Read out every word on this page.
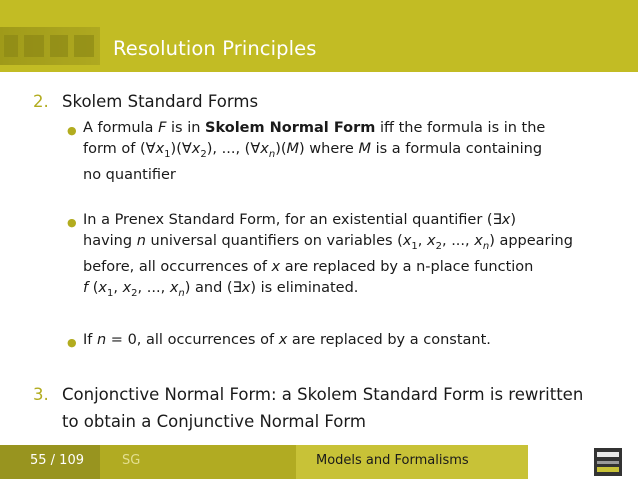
Resolution Principles
2. Skolem Standard Forms
● A formula F is in Skolem Normal Form iff the formula is in the
form of $(\forall x_1)(\forall x_2)$, ..., $(\forall x_n)(M)$ where M is a formula containing
no quantifier
● In a Prenex Standard Form, for an existential quantifier (∃x)
having n universal quantifiers on variables ($x_1$, $x_2$, ..., $x_n$) appearing
before, all occurrences of x are replaced by a n-place function
f ($x_1$, $x_2$, ..., $x_n$) and (∃x) is eliminated.
● If n = 0, all occurrences of x are replaced by a constant.
3. Conjonctive Normal Form: a Skolem Standard Form is rewritten
to obtain a Conjunctive Normal Form
55 / 109	SG	Models and Formalisms
